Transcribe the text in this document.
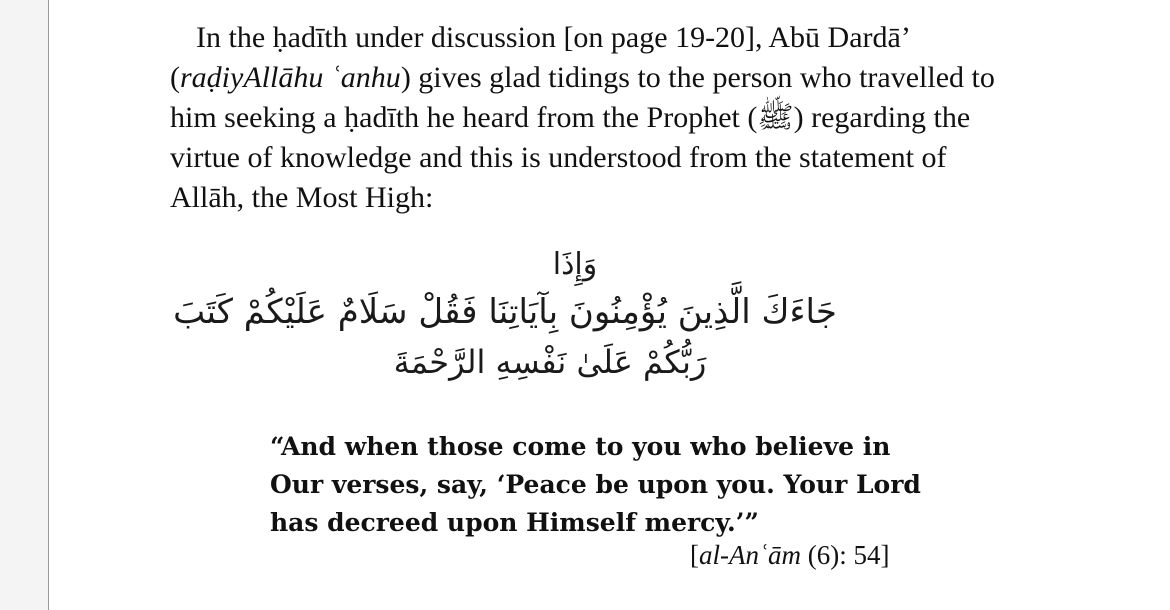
In the ḥadīth under discussion [on page 19-20], Abū Dardā’ (raḍiyAllāhu ʿanhu) gives glad tidings to the person who travelled to him seeking a ḥadīth he heard from the Prophet (ﷺ) regarding the virtue of knowledge and this is understood from the statement of Allāh, the Most High:

وَإِذَا

جَاءَكَ الَّذِينَ يُؤْمِنُونَ بِآيَاتِنَا فَقُلْ سَلَامٌ عَلَيْكُمْ كَتَبَ

رَبُّكُمْ عَلَىٰ نَفْسِهِ الرَّحْمَةَ

“And when those come to you who believe in Our verses, say, ‘Peace be upon you. Your Lord has decreed upon Himself mercy.’”
[al-Anʿām (6): 54]
